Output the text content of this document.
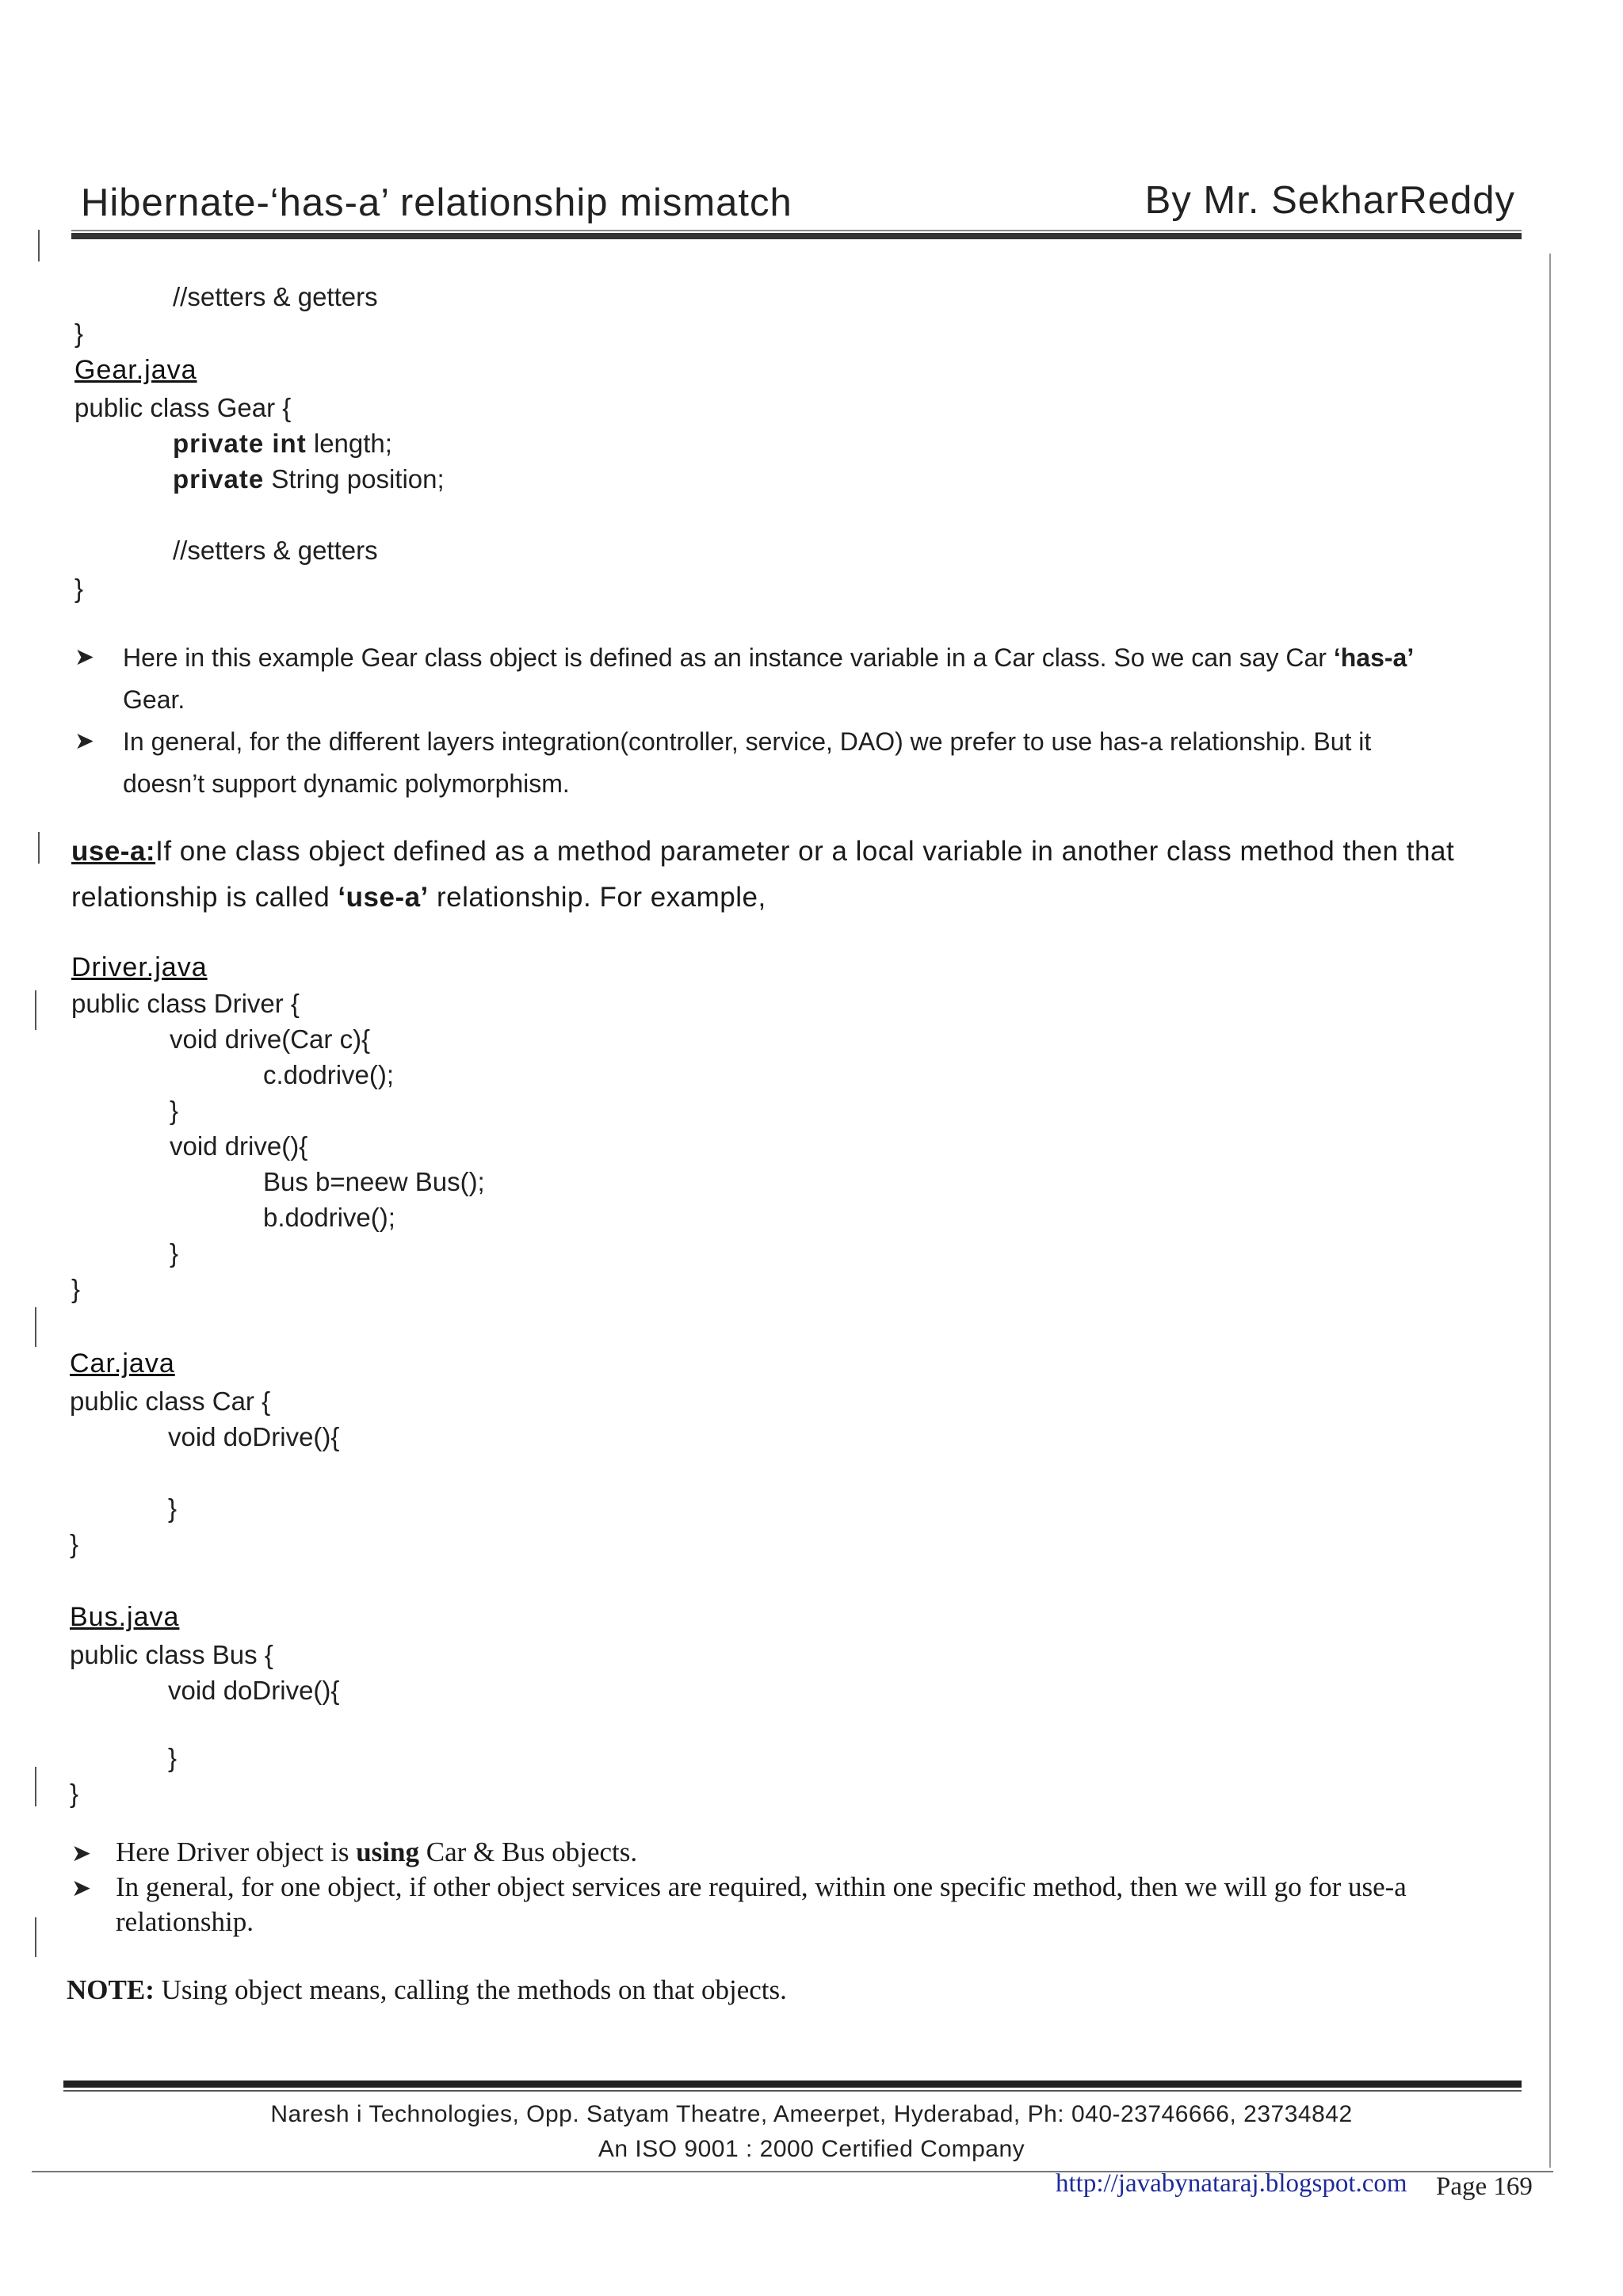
Hibernate-‘has-a’ relationship mismatch	By Mr. SekharReddy
//setters & getters
}
Gear.java
public class Gear {
private int length;
private String position;
//setters & getters
}
➤ Here in this example Gear class object is defined as an instance variable in a Car class. So we can say Car ‘has-a’
Gear.
➤ In general, for the different layers integration(controller, service, DAO) we prefer to use has-a relationship. But it
doesn’t support dynamic polymorphism.
use-a:If one class object defined as a method parameter or a local variable in another class method then that
relationship is called ‘use-a’ relationship. For example,
Driver.java
public class Driver {
void drive(Car c){
c.dodrive();
}
void drive(){
Bus b=neew Bus();
b.dodrive();
}
}
Car.java
public class Car {
void doDrive(){
}
}
Bus.java
public class Bus {
void doDrive(){
}
}
➤ Here Driver object is using Car & Bus objects.
➤ In general, for one object, if other object services are required, within one specific method, then we will go for use-a
relationship.
NOTE: Using object means, calling the methods on that objects.
Naresh i Technologies, Opp. Satyam Theatre, Ameerpet, Hyderabad, Ph: 040-23746666, 23734842
An ISO 9001 : 2000 Certified Company
http://javabynataraj.blogspot.com Page 169
